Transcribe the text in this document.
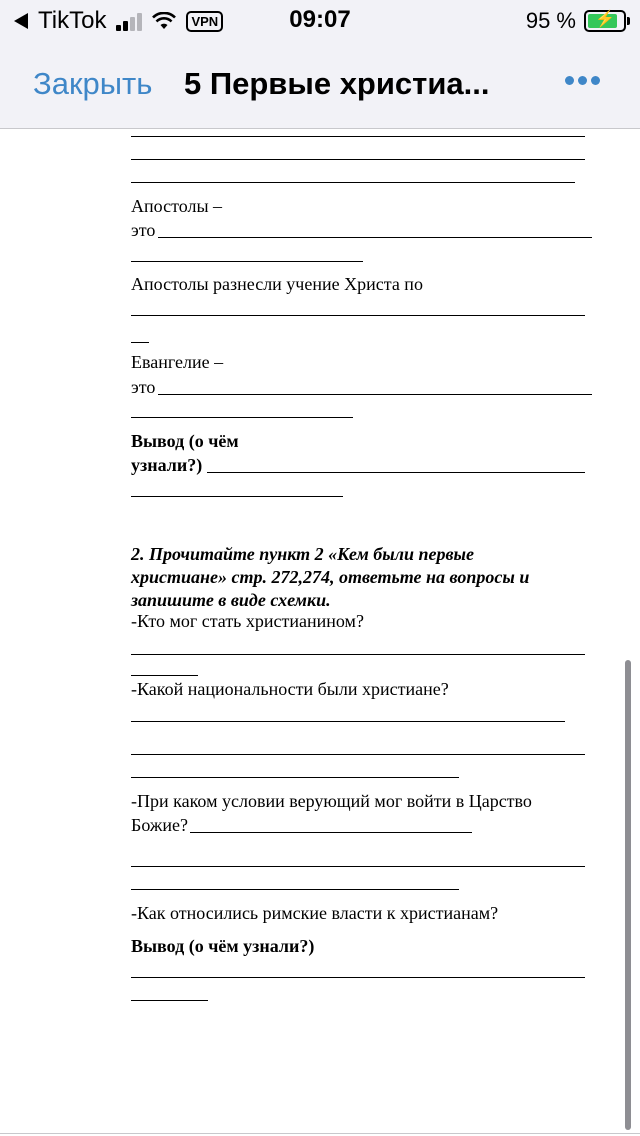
TikTok	VPN	09:07	95 %	⚡
Закрыть 5 Первые христиа...
Апостолы –
это
Апостолы разнесли учение Христа по
Евангелие –
это
Вывод (о чём
узнали?)
2. Прочитайте пункт 2 «Кем были первые
христиане» стр. 272,274, ответьте на вопросы и
запишите в виде схемки.
-Кто мог стать христианином?
-Какой национальности были христиане?
-При каком условии верующий мог войти в Царство
Божие?
-Как относились римские власти к христианам?
Вывод (о чём узнали?)
